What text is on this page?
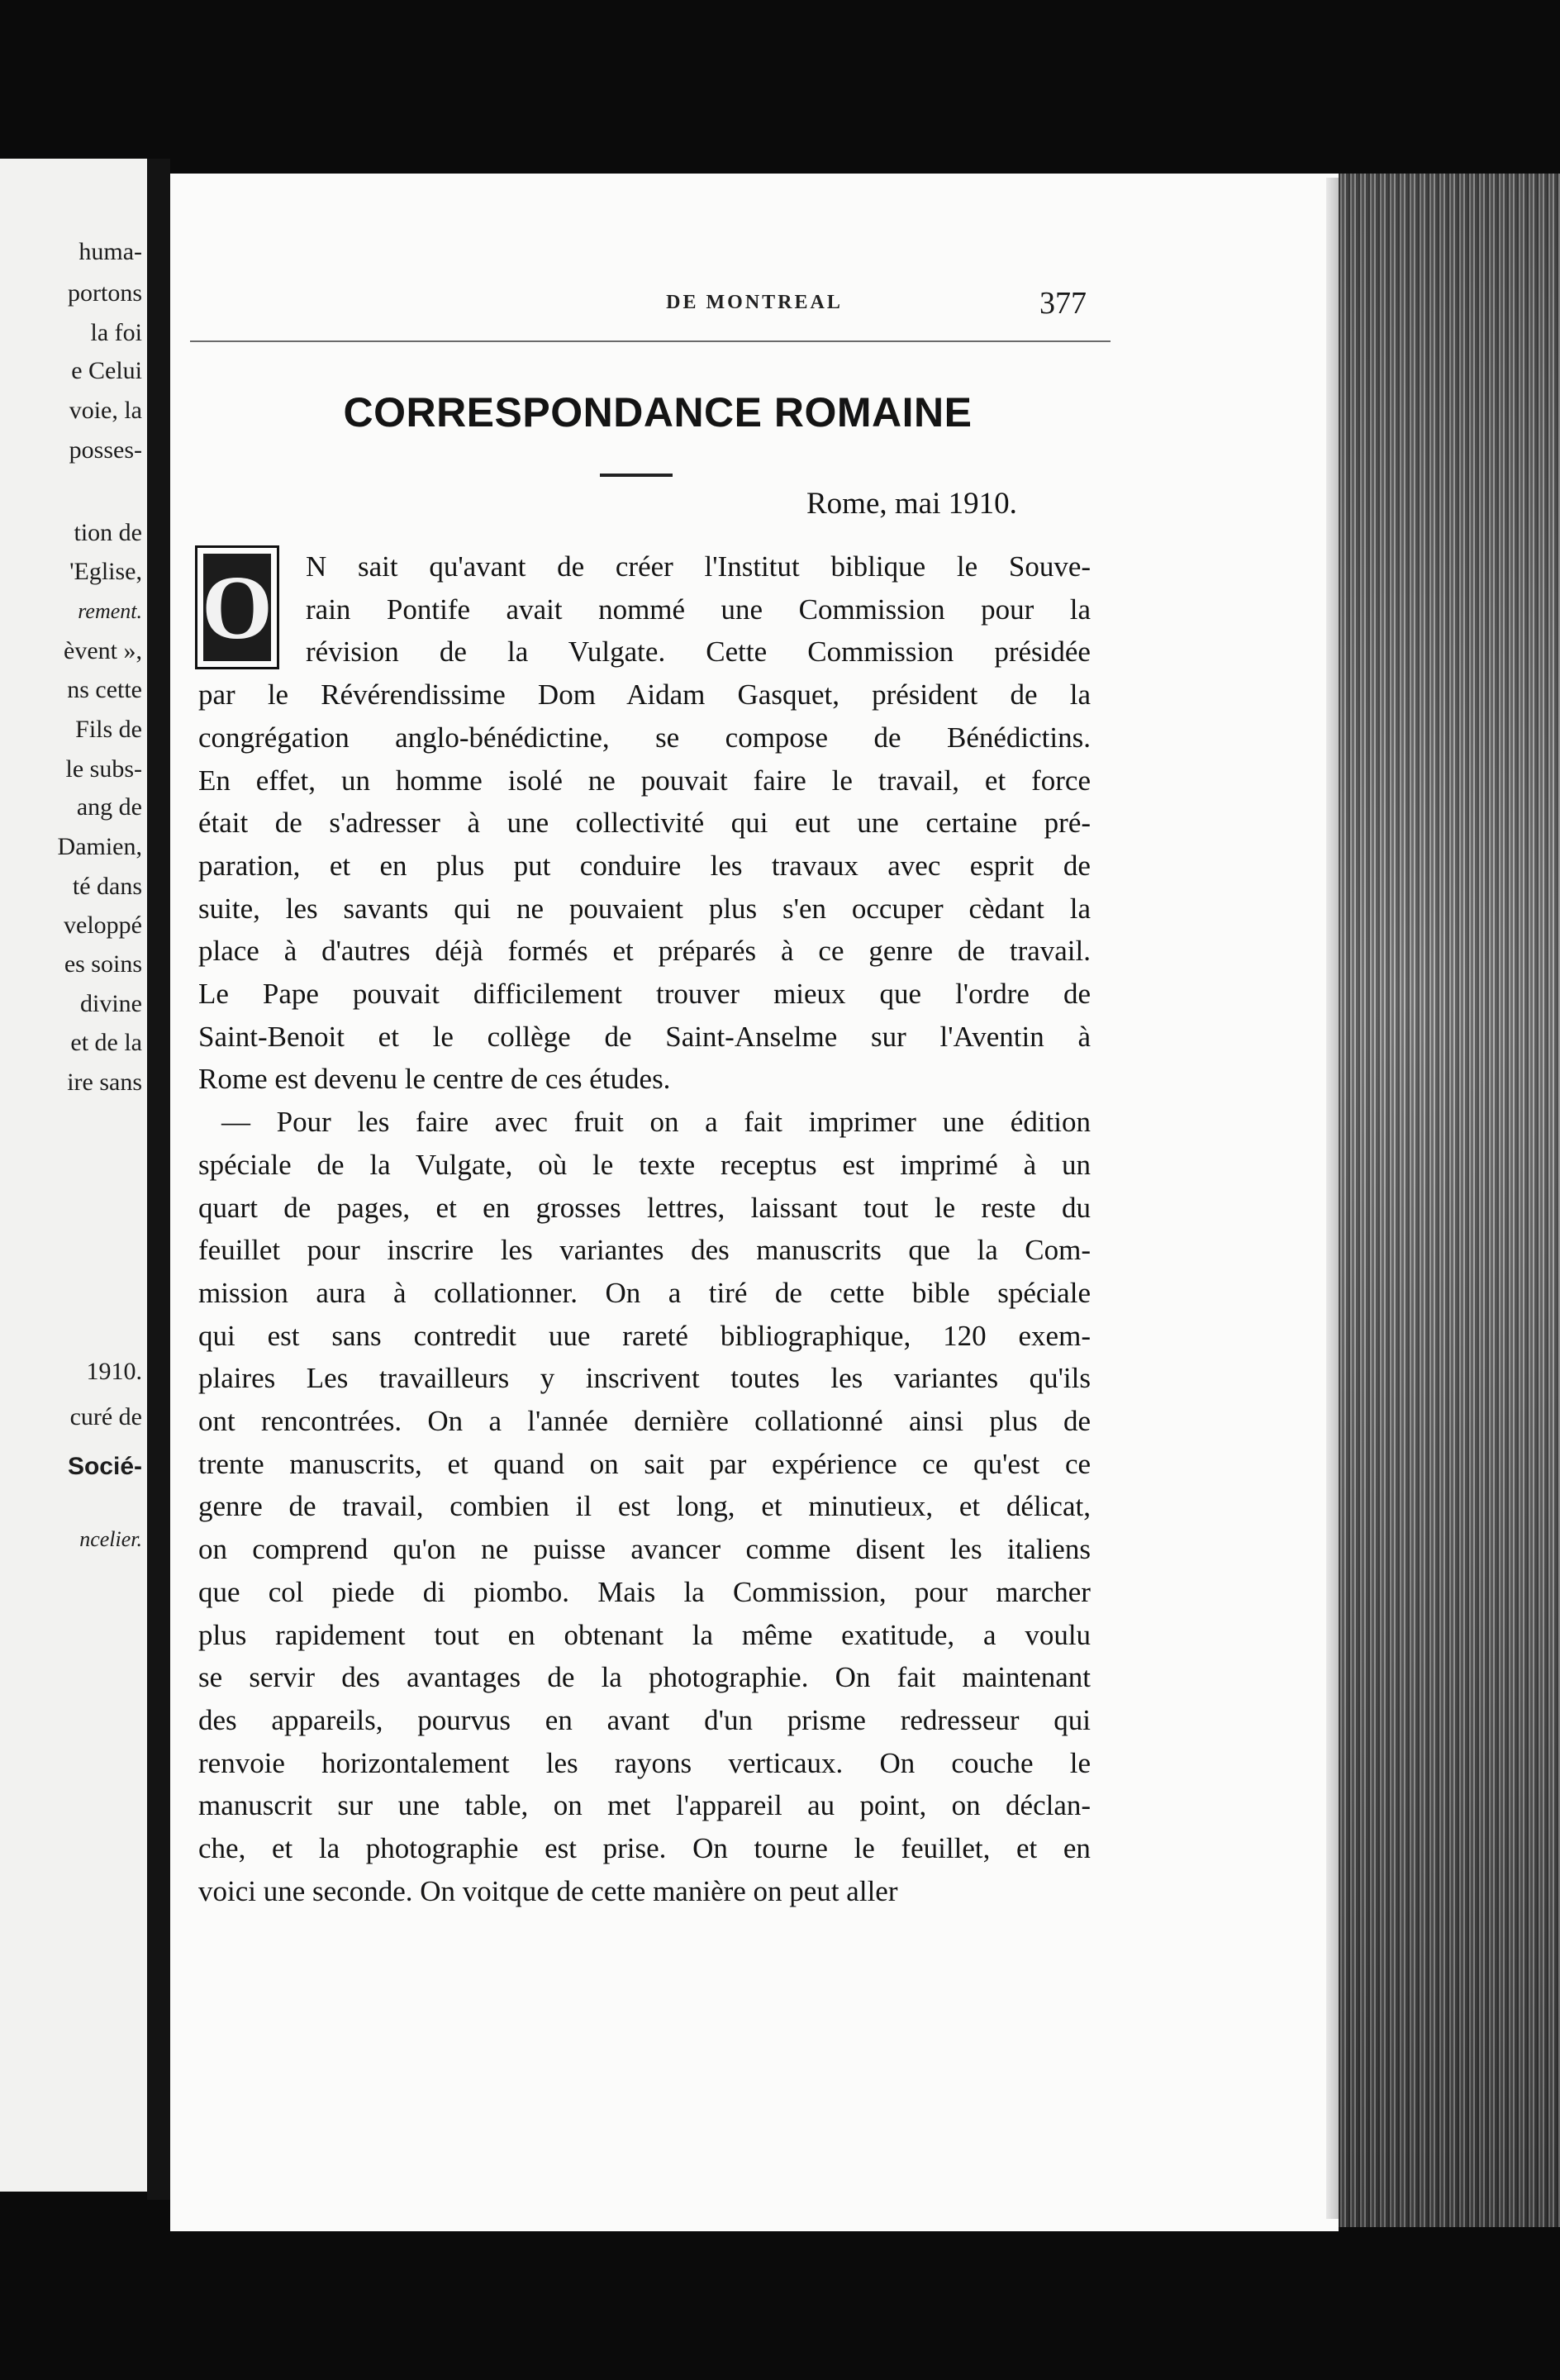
huma-
portons
la foi
e Celui
voie, la
posses-
tion de
'Eglise,
rement.
èvent »,
ns cette
Fils de
le subs-
ang de
Damien,
té dans
veloppé
es soins
divine
et de la
ire sans
1910.
curé de
Socié-
ncelier.
DE MONTREAL	377
CORRESPONDANCE ROMAINE
Rome, mai 1910.
O N sait qu'avant de créer l'Institut biblique le Souve-
rain Pontife avait nommé une Commission pour la
révision de la Vulgate. Cette Commission présidée
par le Révérendissime Dom Aidam Gasquet, président de la
congrégation anglo-bénédictine, se compose de Bénédictins.
En effet, un homme isolé ne pouvait faire le travail, et force
était de s'adresser à une collectivité qui eut une certaine pré-
paration, et en plus put conduire les travaux avec esprit de
suite, les savants qui ne pouvaient plus s'en occuper cèdant la
place à d'autres déjà formés et préparés à ce genre de travail.
Le Pape pouvait difficilement trouver mieux que l'ordre de
Saint-Benoit et le collège de Saint-Anselme sur l'Aventin à
Rome est devenu le centre de ces études.
— Pour les faire avec fruit on a fait imprimer une édition
spéciale de la Vulgate, où le texte receptus est imprimé à un
quart de pages, et en grosses lettres, laissant tout le reste du
feuillet pour inscrire les variantes des manuscrits que la Com-
mission aura à collationner. On a tiré de cette bible spéciale
qui est sans contredit uue rareté bibliographique, 120 exem-
plaires Les travailleurs y inscrivent toutes les variantes qu'ils
ont rencontrées. On a l'année dernière collationné ainsi plus de
trente manuscrits, et quand on sait par expérience ce qu'est ce
genre de travail, combien il est long, et minutieux, et délicat,
on comprend qu'on ne puisse avancer comme disent les italiens
que col piede di piombo. Mais la Commission, pour marcher
plus rapidement tout en obtenant la même exatitude, a voulu
se servir des avantages de la photographie. On fait maintenant
des appareils, pourvus en avant d'un prisme redresseur qui
renvoie horizontalement les rayons verticaux. On couche le
manuscrit sur une table, on met l'appareil au point, on déclan-
che, et la photographie est prise. On tourne le feuillet, et en
voici une seconde. On voitque de cette manière on peut aller
